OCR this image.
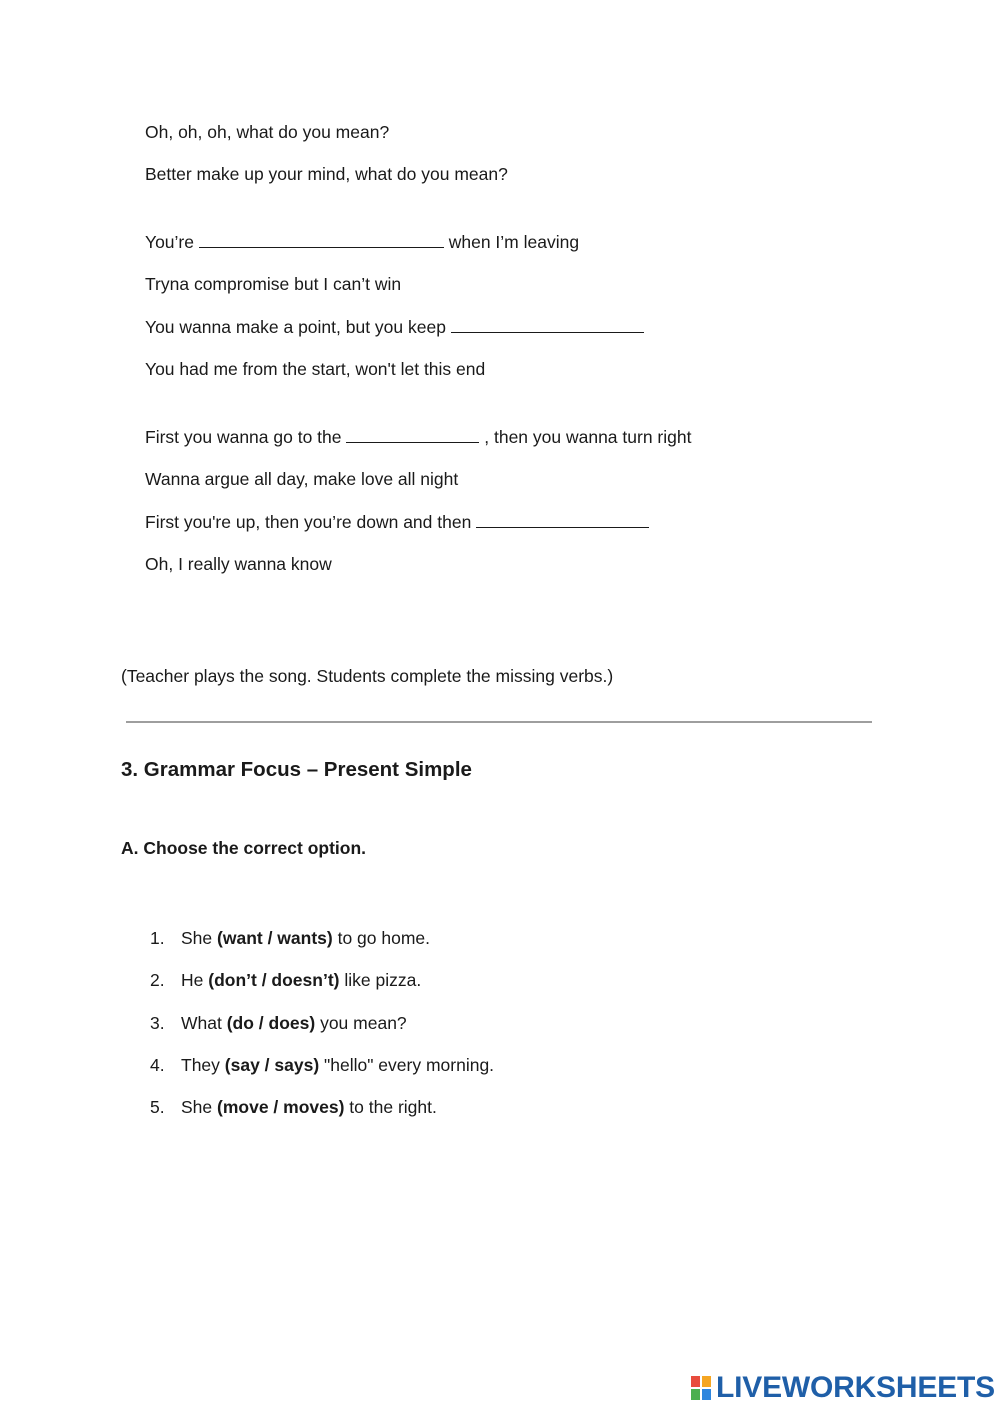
Oh, oh, oh, what do you mean?

Better make up your mind, what do you mean?

You’re	when I’m leaving

Tryna compromise but I can’t win

You wanna make a point, but you keep

You had me from the start, won't let this end

First you wanna go to the	, then you wanna turn right

Wanna argue all day, make love all night

First you're up, then you’re down and then

Oh, I really wanna know

(Teacher plays the song. Students complete the missing verbs.)

3. Grammar Focus – Present Simple
A. Choose the correct option.
1. She (want / wants) to go home.
2. He (don’t / doesn’t) like pizza.
3. What (do / does) you mean?
4. They (say / says) "hello" every morning.
5. She (move / moves) to the right.
LIVEWORKSHEETS
